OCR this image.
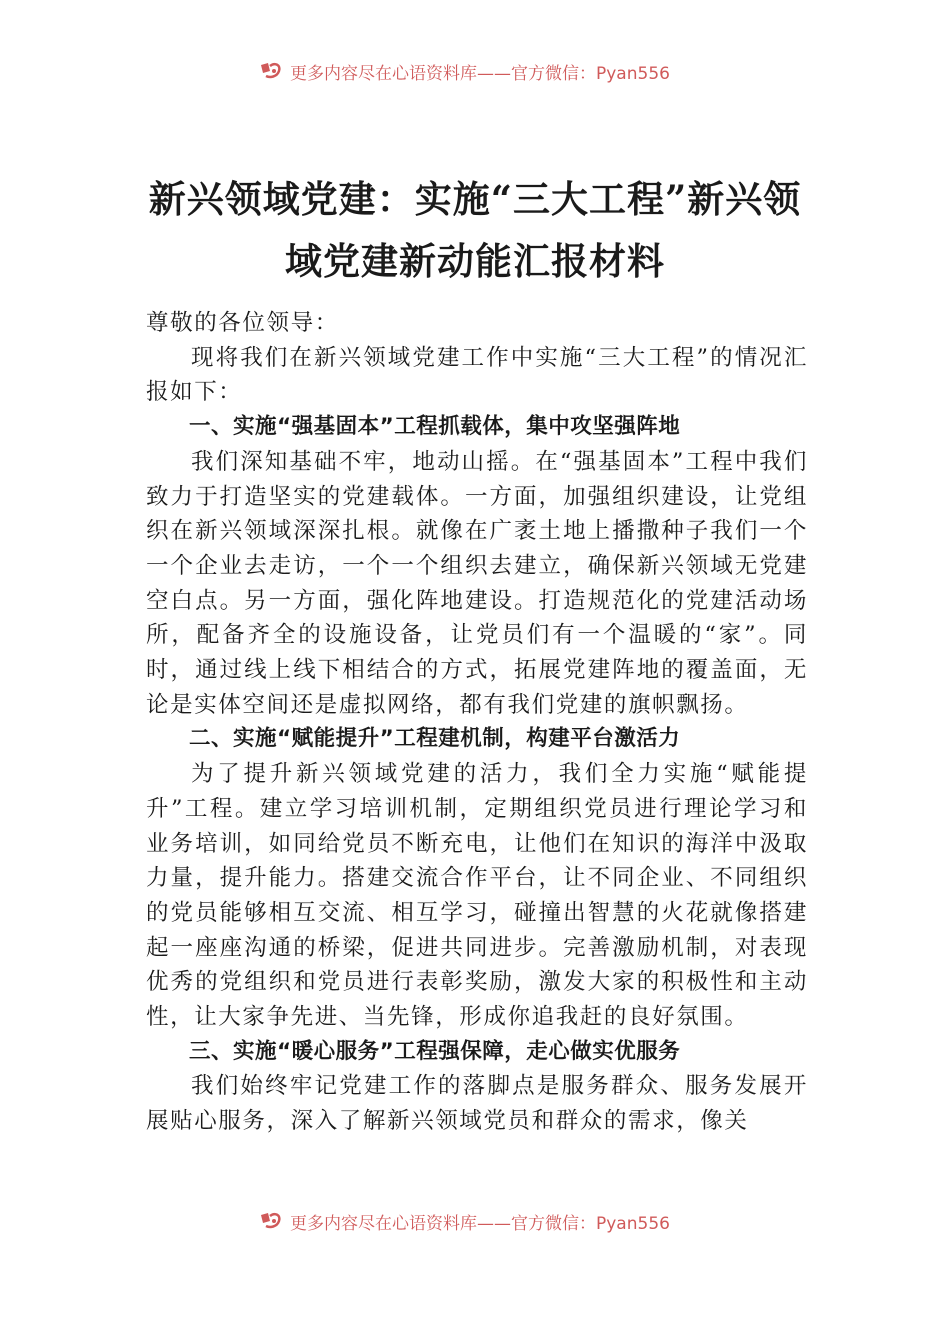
更多内容尽在心语资料库——官方微信：Pyan556
新兴领域党建：实施“三大工程”新兴领
域党建新动能汇报材料

尊敬的各位领导：

现将我们在新兴领域党建工作中实施“三大工程”的情况汇报如下：

一、实施“强基固本”工程抓载体，集中攻坚强阵地

我们深知基础不牢，地动山摇。在“强基固本”工程中我们致力于打造坚实的党建载体。一方面，加强组织建设，让党组织在新兴领域深深扎根。就像在广袤土地上播撒种子我们一个一个企业去走访，一个一个组织去建立，确保新兴领域无党建空白点。另一方面，强化阵地建设。打造规范化的党建活动场所，配备齐全的设施设备，让党员们有一个温暖的“家”。同时，通过线上线下相结合的方式，拓展党建阵地的覆盖面，无论是实体空间还是虚拟网络，都有我们党建的旗帜飘扬。

二、实施“赋能提升”工程建机制，构建平台激活力

为了提升新兴领域党建的活力，我们全力实施“赋能提升”工程。建立学习培训机制，定期组织党员进行理论学习和业务培训，如同给党员不断充电，让他们在知识的海洋中汲取力量，提升能力。搭建交流合作平台，让不同企业、不同组织的党员能够相互交流、相互学习，碰撞出智慧的火花就像搭建起一座座沟通的桥梁，促进共同进步。完善激励机制，对表现优秀的党组织和党员进行表彰奖励，激发大家的积极性和主动性，让大家争先进、当先锋，形成你追我赶的良好氛围。

三、实施“暖心服务”工程强保障，走心做实优服务

我们始终牢记党建工作的落脚点是服务群众、服务发展开展贴心服务，深入了解新兴领域党员和群众的需求，像关

更多内容尽在心语资料库——官方微信：Pyan556
